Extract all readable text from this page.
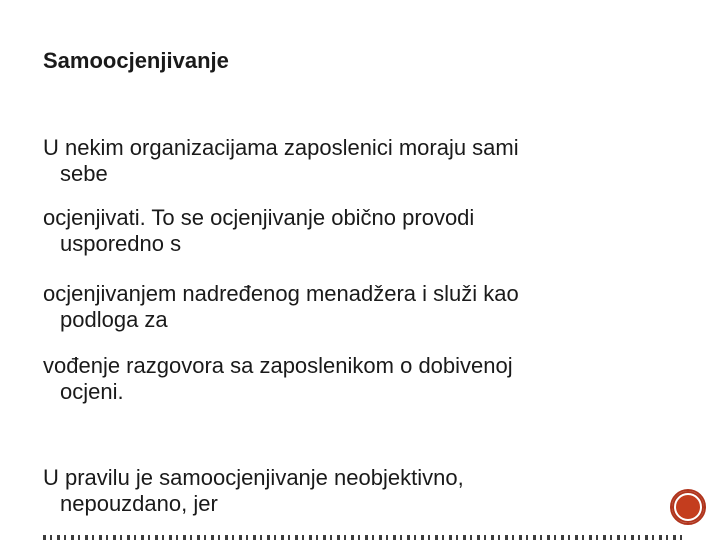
Samoocjenjivanje

U nekim organizacijama zaposlenici moraju sami
sebe

ocjenjivati. To se ocjenjivanje obično provodi
usporedno s

ocjenjivanjem nadređenog menadžera i služi kao
podloga za

vođenje razgovora sa zaposlenikom o dobivenoj
ocjeni.

U pravilu je samoocjenjivanje neobjektivno,
nepouzdano, jer
